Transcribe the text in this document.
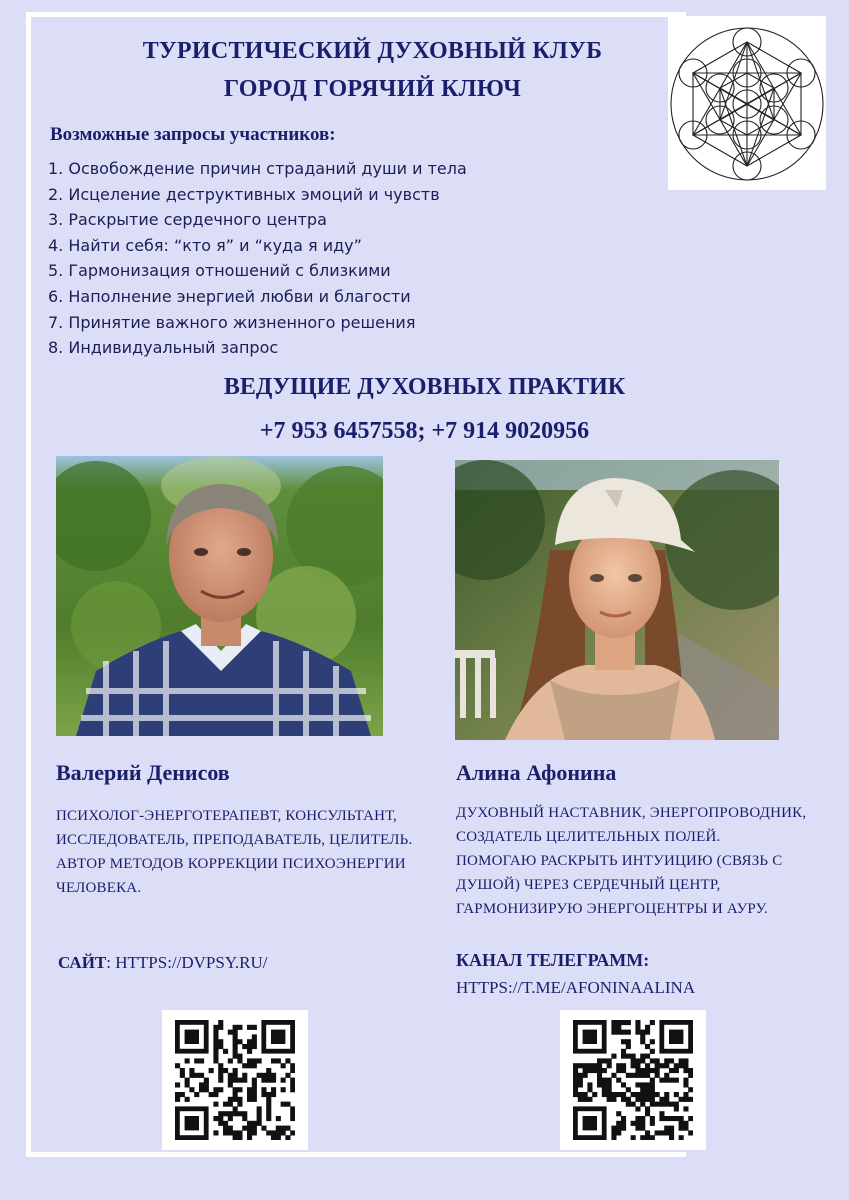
ТУРИСТИЧЕСКИЙ ДУХОВНЫЙ КЛУБ
ГОРОД ГОРЯЧИЙ КЛЮЧ
Возможные запросы участников:
1. Освобождение причин страданий души и тела
2. Исцеление деструктивных эмоций и чувств
3. Раскрытие сердечного центра
4. Найти себя: “кто я” и “куда я иду”
5. Гармонизация отношений с близкими
6. Наполнение энергией любви и благости
7. Принятие важного жизненного решения
8. Индивидуальный запрос
ВЕДУЩИЕ ДУХОВНЫХ ПРАКТИК
+7 953 6457558; +7 914 9020956
Валерий Денисов
ПСИХОЛОГ-ЭНЕРГОТЕРАПЕВТ, КОНСУЛЬТАНТ, ИССЛЕДОВАТЕЛЬ, ПРЕПОДАВАТЕЛЬ, ЦЕЛИТЕЛЬ. АВТОР МЕТОДОВ КОРРЕКЦИИ ПСИХОЭНЕРГИИ ЧЕЛОВЕКА.
САЙТ: HTTPS://DVPSY.RU/
Алина Афонина
ДУХОВНЫЙ НАСТАВНИК, ЭНЕРГОПРОВОДНИК, СОЗДАТЕЛЬ ЦЕЛИТЕЛЬНЫХ ПОЛЕЙ.
ПОМОГАЮ РАСКРЫТЬ ИНТУИЦИЮ (СВЯЗЬ С ДУШОЙ) ЧЕРЕЗ СЕРДЕЧНЫЙ ЦЕНТР, ГАРМОНИЗИРУЮ ЭНЕРГОЦЕНТРЫ И АУРУ.
КАНАЛ ТЕЛЕГРАММ:
HTTPS://T.ME/AFONINAALINA
